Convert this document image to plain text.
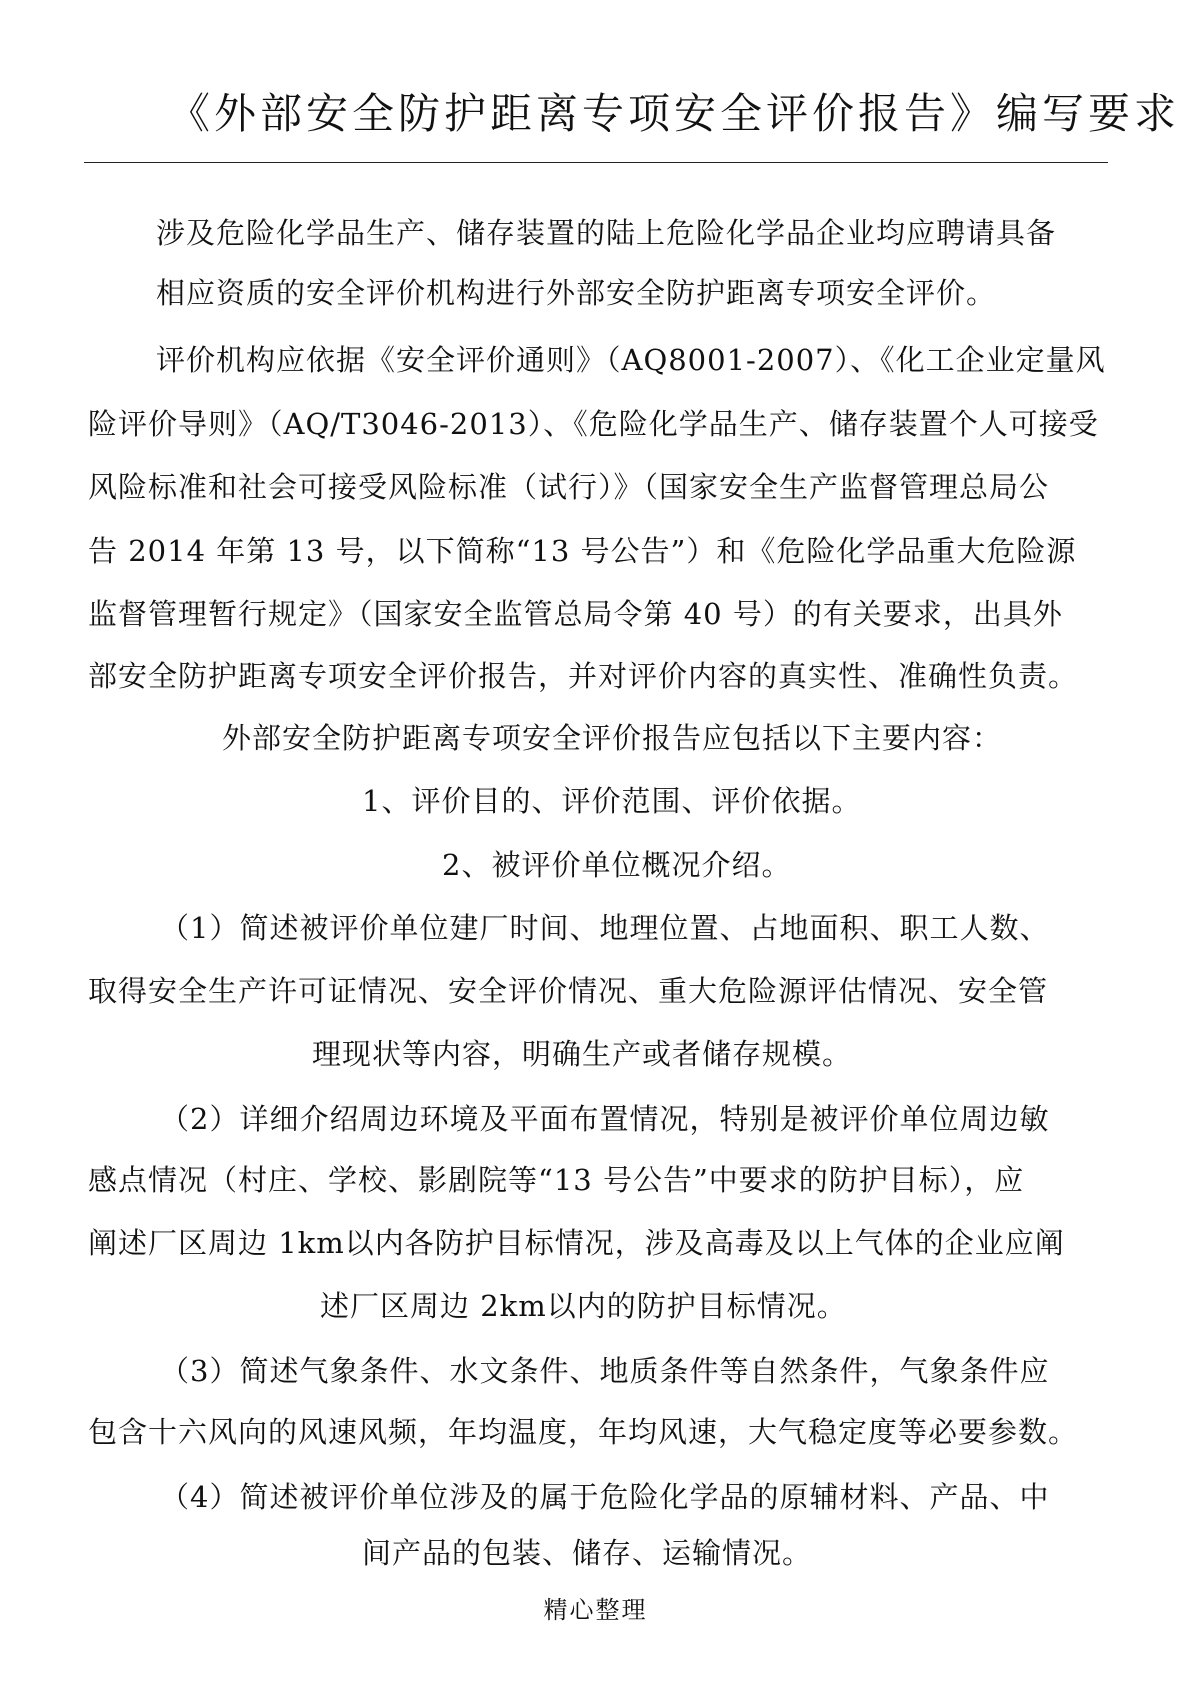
《外部安全防护距离专项安全评价报告》编写要求
涉及危险化学品生产、储存装置的陆上危险化学品企业均应聘请具备
相应资质的安全评价机构进行外部安全防护距离专项安全评价。
评价机构应依据《安全评价通则》（AQ8001-2007）、《化工企业定量风
险评价导则》（AQ/T3046-2013）、《危险化学品生产、储存装置个人可接受
风险标准和社会可接受风险标准（试行）》（国家安全生产监督管理总局公
告 2014 年第 13 号，以下简称“13 号公告”）和《危险化学品重大危险源
监督管理暂行规定》（国家安全监管总局令第 40 号）的有关要求，出具外
部安全防护距离专项安全评价报告，并对评价内容的真实性、准确性负责。
外部安全防护距离专项安全评价报告应包括以下主要内容：
1、评价目的、评价范围、评价依据。
2、被评价单位概况介绍。
（1）简述被评价单位建厂时间、地理位置、占地面积、职工人数、
取得安全生产许可证情况、安全评价情况、重大危险源评估情况、安全管
理现状等内容，明确生产或者储存规模。
（2）详细介绍周边环境及平面布置情况，特别是被评价单位周边敏
感点情况（村庄、学校、影剧院等“13 号公告”中要求的防护目标），应
阐述厂区周边 1km以内各防护目标情况，涉及高毒及以上气体的企业应阐
述厂区周边 2km以内的防护目标情况。
（3）简述气象条件、水文条件、地质条件等自然条件，气象条件应
包含十六风向的风速风频，年均温度，年均风速，大气稳定度等必要参数。
（4）简述被评价单位涉及的属于危险化学品的原辅材料、产品、中
间产品的包装、储存、运输情况。
精心整理
